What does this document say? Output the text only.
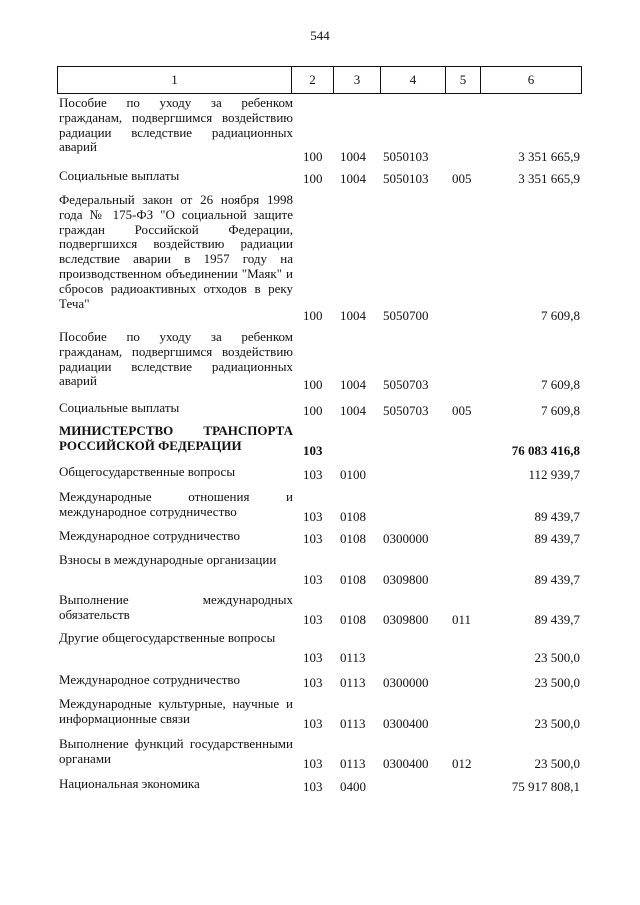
544
1	2	3	4	5	6
Пособие по уходу за ребенком гражданам, подвергшимся воздействию радиации вследствие радиационных аварий
100 1004 5050103	3 351 665,9
Социальные выплаты	100 1004 5050103 005	3 351 665,9
Федеральный закон от 26 ноября 1998 года № 175-ФЗ "О социальной защите граждан Российской Федерации, подвергшихся воздействию радиации вследствие аварии в 1957 году на производственном объединении "Маяк" и сбросов радиоактивных отходов в реку Теча"
100 1004 5050700	7 609,8
Пособие по уходу за ребенком гражданам, подвергшимся воздействию радиации вследствие радиационных аварий	100 1004 5050703	7 609,8
Социальные выплаты	100 1004 5050703 005	7 609,8
МИНИСТЕРСТВО ТРАНСПОРТА РОССИЙСКОЙ ФЕДЕРАЦИИ	103	76 083 416,8
Общегосударственные вопросы	103 0100	112 939,7
Международные отношения и международное сотрудничество	103 0108	89 439,7
Международное сотрудничество	103 0108 0300000	89 439,7
Взносы в международные организации
103 0108 0309800	89 439,7
Выполнение международных обязательств	103 0108 0309800 011	89 439,7
Другие общегосударственные вопросы
103 0113	23 500,0
Международное сотрудничество	103 0113 0300000	23 500,0
Международные культурные, научные и информационные связи	103 0113 0300400	23 500,0
Выполнение функций государственными органами	103 0113 0300400 012	23 500,0
Национальная экономика	103 0400	75 917 808,1
